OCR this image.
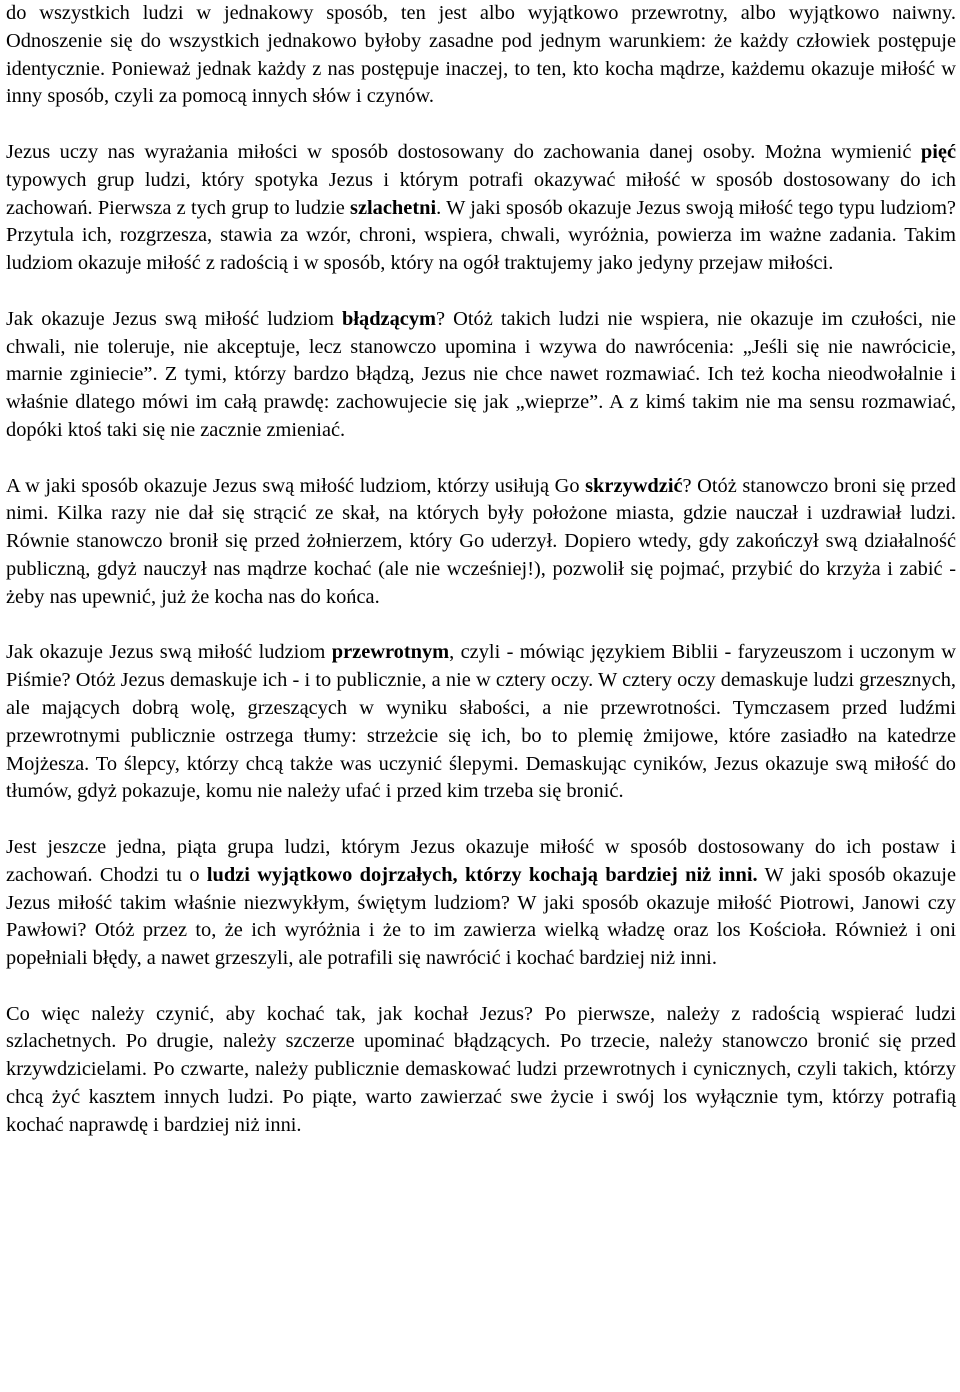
do wszystkich ludzi w jednakowy sposób, ten jest albo wyjątkowo przewrotny, albo wyjątkowo naiwny. Odnoszenie się do wszystkich jednakowo byłoby zasadne pod jednym warunkiem: że każdy człowiek postępuje identycznie. Ponieważ jednak każdy z nas postępuje inaczej, to ten, kto kocha mądrze, każdemu okazuje miłość w inny sposób, czyli za pomocą innych słów i czynów.

Jezus uczy nas wyrażania miłości w sposób dostosowany do zachowania danej osoby. Można wymienić pięć typowych grup ludzi, który spotyka Jezus i którym potrafi okazywać miłość w sposób dostosowany do ich zachowań. Pierwsza z tych grup to ludzie szlachetni. W jaki sposób okazuje Jezus swoją miłość tego typu ludziom? Przytula ich, rozgrzesza, stawia za wzór, chroni, wspiera, chwali, wyróżnia, powierza im ważne zadania. Takim ludziom okazuje miłość z radością i w sposób, który na ogół traktujemy jako jedyny przejaw miłości.

Jak okazuje Jezus swą miłość ludziom błądzącym? Otóż takich ludzi nie wspiera, nie okazuje im czułości, nie chwali, nie toleruje, nie akceptuje, lecz stanowczo upomina i wzywa do nawrócenia: „Jeśli się nie nawrócicie, marnie zginiecie”. Z tymi, którzy bardzo błądzą, Jezus nie chce nawet rozmawiać. Ich też kocha nieodwołalnie i właśnie dlatego mówi im całą prawdę: zachowujecie się jak „wieprze”. A z kimś takim nie ma sensu rozmawiać, dopóki ktoś taki się nie zacznie zmieniać.

A w jaki sposób okazuje Jezus swą miłość ludziom, którzy usiłują Go skrzywdzić? Otóż stanowczo broni się przed nimi. Kilka razy nie dał się strącić ze skał, na których były położone miasta, gdzie nauczał i uzdrawiał ludzi. Równie stanowczo bronił się przed żołnierzem, który Go uderzył. Dopiero wtedy, gdy zakończył swą działalność publiczną, gdyż nauczył nas mądrze kochać (ale nie wcześniej!), pozwolił się pojmać, przybić do krzyża i zabić - żeby nas upewnić, już że kocha nas do końca.

Jak okazuje Jezus swą miłość ludziom przewrotnym, czyli - mówiąc językiem Biblii - faryzeuszom i uczonym w Piśmie? Otóż Jezus demaskuje ich - i to publicznie, a nie w cztery oczy. W cztery oczy demaskuje ludzi grzesznych, ale mających dobrą wolę, grzeszących w wyniku słabości, a nie przewrotności. Tymczasem przed ludźmi przewrotnymi publicznie ostrzega tłumy: strzeżcie się ich, bo to plemię żmijowe, które zasiadło na katedrze Mojżesza. To ślepcy, którzy chcą także was uczynić ślepymi. Demaskując cyników, Jezus okazuje swą miłość do tłumów, gdyż pokazuje, komu nie należy ufać i przed kim trzeba się bronić.

Jest jeszcze jedna, piąta grupa ludzi, którym Jezus okazuje miłość w sposób dostosowany do ich postaw i zachowań. Chodzi tu o ludzi wyjątkowo dojrzałych, którzy kochają bardziej niż inni. W jaki sposób okazuje Jezus miłość takim właśnie niezwykłym, świętym ludziom? W jaki sposób okazuje miłość Piotrowi, Janowi czy Pawłowi? Otóż przez to, że ich wyróżnia i że to im zawierza wielką władzę oraz los Kościoła. Również i oni popełniali błędy, a nawet grzeszyli, ale potrafili się nawrócić i kochać bardziej niż inni.

Co więc należy czynić, aby kochać tak, jak kochał Jezus? Po pierwsze, należy z radością wspierać ludzi szlachetnych. Po drugie, należy szczerze upominać błądzących. Po trzecie, należy stanowczo bronić się przed krzywdzicielami. Po czwarte, należy publicznie demaskować ludzi przewrotnych i cynicznych, czyli takich, którzy chcą żyć kasztem innych ludzi. Po piąte, warto zawierzać swe życie i swój los wyłącznie tym, którzy potrafią kochać naprawdę i bardziej niż inni.
